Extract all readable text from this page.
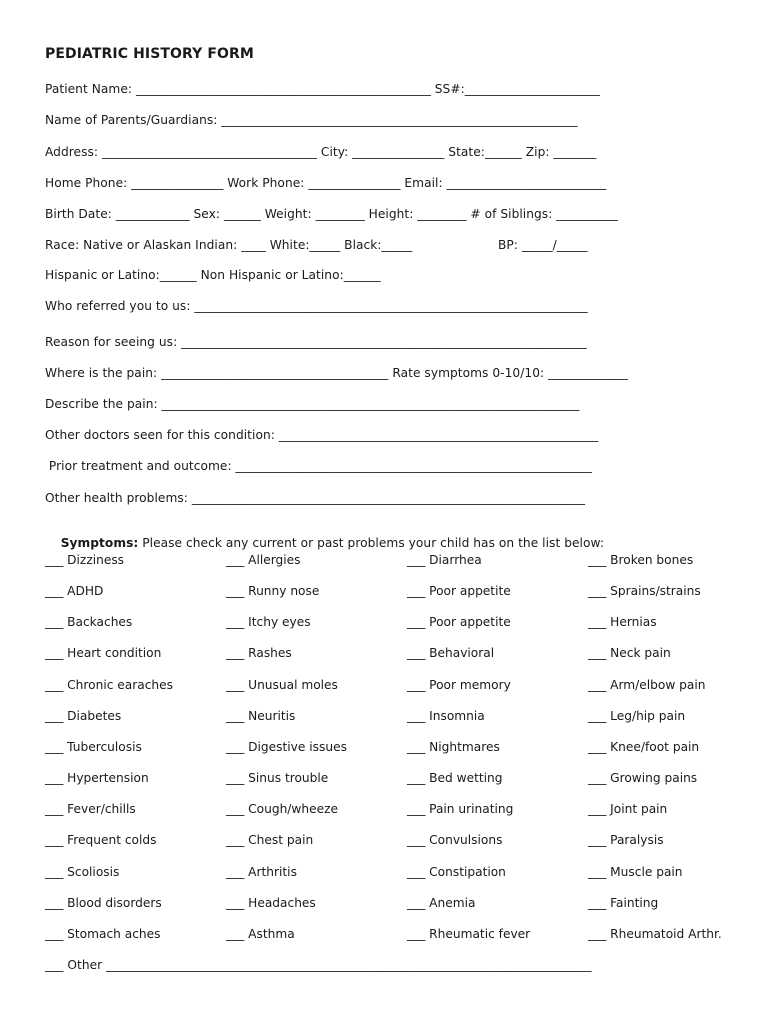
PEDIATRIC HISTORY FORM
Patient Name: ________________________________________________ SS#:______________________
Name of Parents/Guardians: __________________________________________________________
Address: ___________________________________ City: _______________ State:______ Zip: _______
Home Phone: _______________ Work Phone: _______________ Email: __________________________
Birth Date: ____________ Sex: ______ Weight: ________ Height: ________ # of Siblings: __________
Race: Native or Alaskan Indian: ____ White:_____ Black:_____	BP: _____/_____
Hispanic or Latino:______ Non Hispanic or Latino:______
Who referred you to us: ________________________________________________________________
Reason for seeing us: __________________________________________________________________
Where is the pain: _____________________________________ Rate symptoms 0-10/10: _____________
Describe the pain: ____________________________________________________________________
Other doctors seen for this condition: ____________________________________________________
Prior treatment and outcome: __________________________________________________________
Other health problems: ________________________________________________________________

Symptoms: Please check any current or past problems your child has on the list below:

___ Dizziness	___ Allergies	___ Diarrhea	___ Broken bones
___ ADHD	___ Runny nose	___ Poor appetite	___ Sprains/strains
___ Backaches	___ Itchy eyes	___ Poor appetite	___ Hernias
___ Heart condition	___ Rashes	___ Behavioral	___ Neck pain
___ Chronic earaches	___ Unusual moles	___ Poor memory	___ Arm/elbow pain
___ Diabetes	___ Neuritis	___ Insomnia	___ Leg/hip pain
___ Tuberculosis	___ Digestive issues	___ Nightmares	___ Knee/foot pain
___ Hypertension	___ Sinus trouble	___ Bed wetting	___ Growing pains
___ Fever/chills	___ Cough/wheeze	___ Pain urinating	___ Joint pain
___ Frequent colds	___ Chest pain	___ Convulsions	___ Paralysis
___ Scoliosis	___ Arthritis	___ Constipation	___ Muscle pain
___ Blood disorders	___ Headaches	___ Anemia	___ Fainting
___ Stomach aches	___ Asthma	___ Rheumatic fever	___ Rheumatoid Arthr.
___ Other _______________________________________________________________________________
